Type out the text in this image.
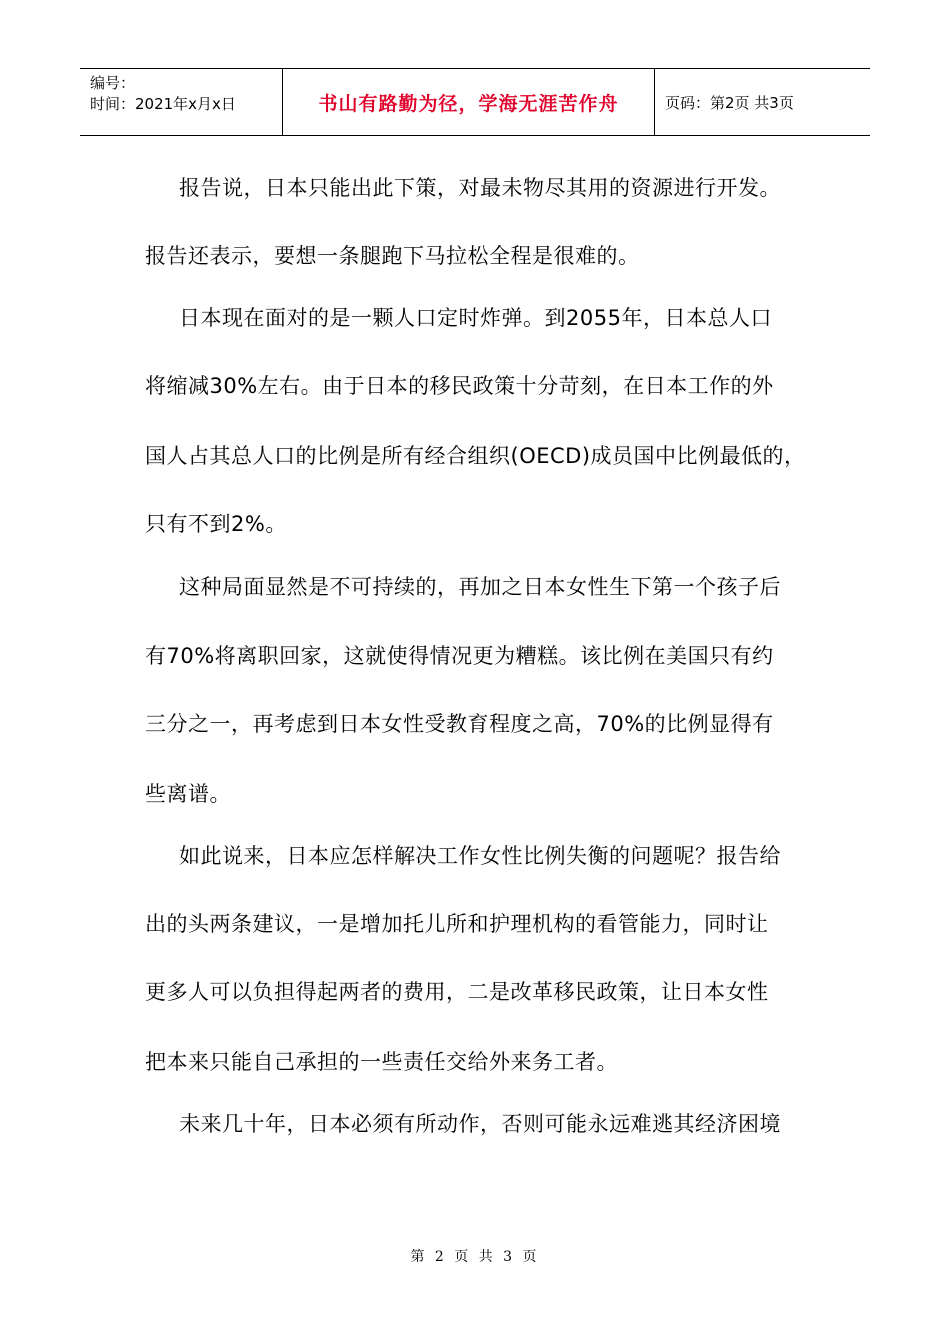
编号：
时间：2021年x月x日	书山有路勤为径，学海无涯苦作舟	页码：第2页 共3页
报告说，日本只能出此下策，对最未物尽其用的资源进行开发。
报告还表示，要想一条腿跑下马拉松全程是很难的。
日本现在面对的是一颗人口定时炸弹。到2055年，日本总人口
将缩减30%左右。由于日本的移民政策十分苛刻，在日本工作的外
国人占其总人口的比例是所有经合组织(OECD)成员国中比例最低的，
只有不到2%。
这种局面显然是不可持续的，再加之日本女性生下第一个孩子后
有70%将离职回家，这就使得情况更为糟糕。该比例在美国只有约
三分之一，再考虑到日本女性受教育程度之高，70%的比例显得有
些离谱。
如此说来，日本应怎样解决工作女性比例失衡的问题呢？报告给
出的头两条建议，一是增加托儿所和护理机构的看管能力，同时让
更多人可以负担得起两者的费用，二是改革移民政策，让日本女性
把本来只能自己承担的一些责任交给外来务工者。
未来几十年，日本必须有所动作，否则可能永远难逃其经济困境
第 2 页 共 3 页
